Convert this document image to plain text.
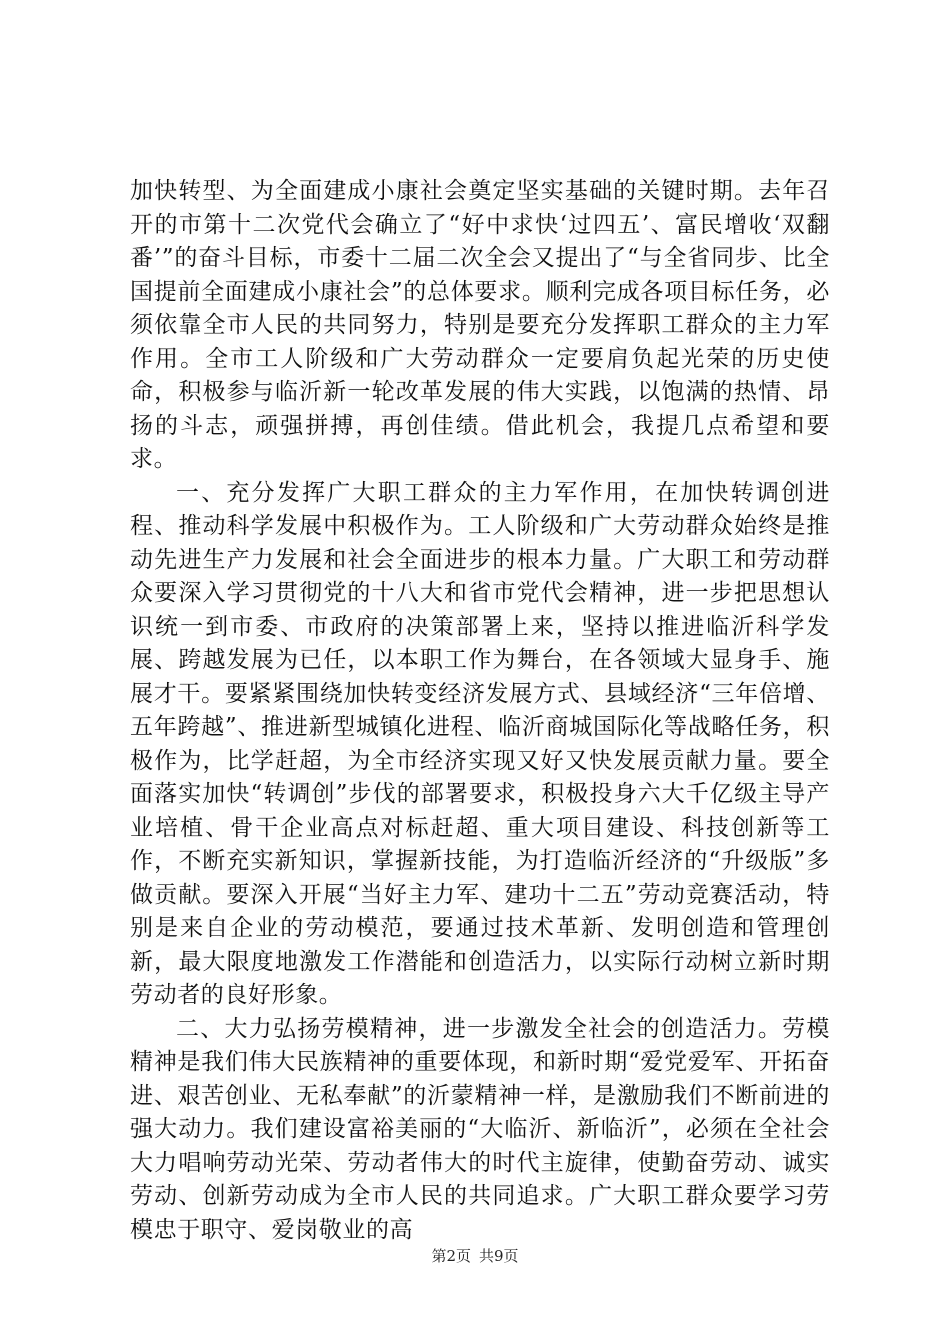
加快转型、为全面建成小康社会奠定坚实基础的关键时期。去年召开的市第十二次党代会确立了“好中求快‘过四五’、富民增收‘双翻番’”的奋斗目标，市委十二届二次全会又提出了“与全省同步、比全国提前全面建成小康社会”的总体要求。顺利完成各项目标任务，必须依靠全市人民的共同努力，特别是要充分发挥职工群众的主力军作用。全市工人阶级和广大劳动群众一定要肩负起光荣的历史使命，积极参与临沂新一轮改革发展的伟大实践，以饱满的热情、昂扬的斗志，顽强拼搏，再创佳绩。借此机会，我提几点希望和要求。

一、充分发挥广大职工群众的主力军作用，在加快转调创进程、推动科学发展中积极作为。工人阶级和广大劳动群众始终是推动先进生产力发展和社会全面进步的根本力量。广大职工和劳动群众要深入学习贯彻党的十八大和省市党代会精神，进一步把思想认识统一到市委、市政府的决策部署上来，坚持以推进临沂科学发展、跨越发展为已任，以本职工作为舞台，在各领域大显身手、施展才干。要紧紧围绕加快转变经济发展方式、县域经济“三年倍增、五年跨越”、推进新型城镇化进程、临沂商城国际化等战略任务，积极作为，比学赶超，为全市经济实现又好又快发展贡献力量。要全面落实加快“转调创”步伐的部署要求，积极投身六大千亿级主导产业培植、骨干企业高点对标赶超、重大项目建设、科技创新等工作，不断充实新知识，掌握新技能，为打造临沂经济的“升级版”多做贡献。要深入开展“当好主力军、建功十二五”劳动竞赛活动，特别是来自企业的劳动模范，要通过技术革新、发明创造和管理创新，最大限度地激发工作潜能和创造活力，以实际行动树立新时期劳动者的良好形象。

二、大力弘扬劳模精神，进一步激发全社会的创造活力。劳模精神是我们伟大民族精神的重要体现，和新时期“爱党爱军、开拓奋进、艰苦创业、无私奉献”的沂蒙精神一样，是激励我们不断前进的强大动力。我们建设富裕美丽的“大临沂、新临沂”，必须在全社会大力唱响劳动光荣、劳动者伟大的时代主旋律，使勤奋劳动、诚实劳动、创新劳动成为全市人民的共同追求。广大职工群众要学习劳模忠于职守、爱岗敬业的高

第2页 共9页
